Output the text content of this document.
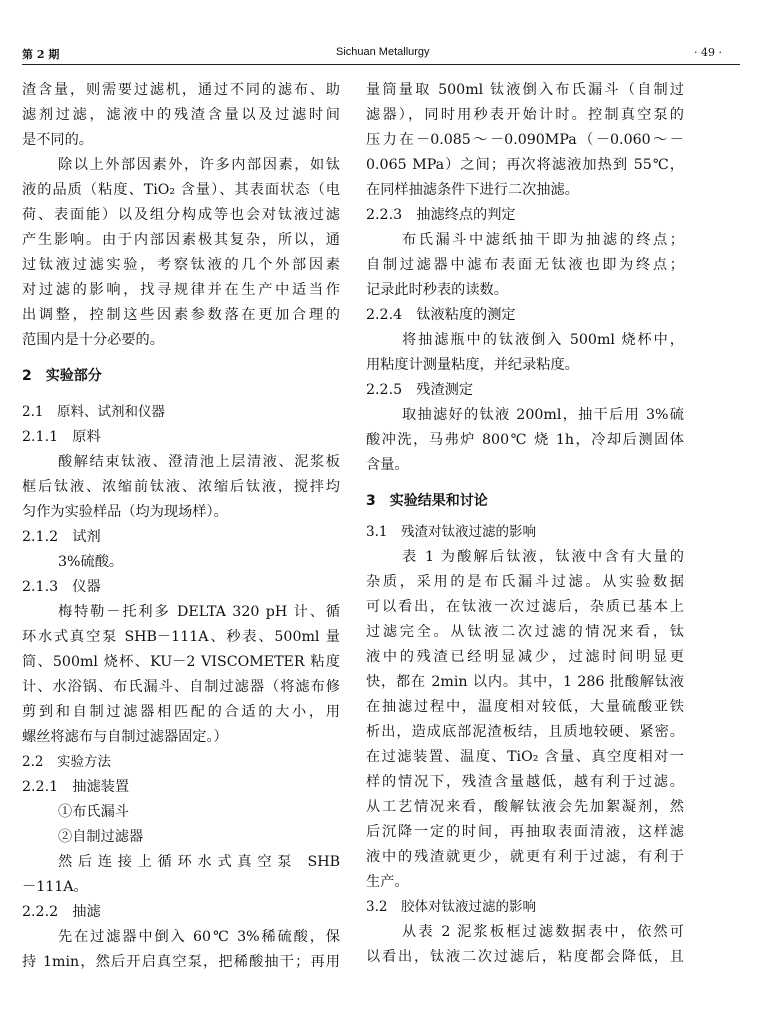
第 2 期	Sichuan Metallurgy	· 49 ·
渣含量，则需要过滤机，通过不同的滤布、助
滤剂过滤，滤液中的残渣含量以及过滤时间
是不同的。
除以上外部因素外，许多内部因素，如钛
液的品质（粘度、TiO₂ 含量）、其表面状态（电
荷、表面能）以及组分构成等也会对钛液过滤
产生影响。由于内部因素极其复杂，所以，通
过钛液过滤实验，考察钛液的几个外部因素
对过滤的影响，找寻规律并在生产中适当作
出调整，控制这些因素参数落在更加合理的
范围内是十分必要的。
2　实验部分
2.1　原料、试剂和仪器
2.1.1　原料
酸解结束钛液、澄清池上层清液、泥浆板
框后钛液、浓缩前钛液、浓缩后钛液，搅拌均
匀作为实验样品（均为现场样）。
2.1.2　试剂
3%硫酸。
2.1.3　仪器
梅特勒－托利多 DELTA 320 pH 计、循
环水式真空泵 SHB－111A、秒表、500ml 量
筒、500ml 烧杯、KU－2 VISCOMETER 粘度
计、水浴锅、布氏漏斗、自制过滤器（将滤布修
剪到和自制过滤器相匹配的合适的大小，用
螺丝将滤布与自制过滤器固定。）
2.2　实验方法
2.2.1　抽滤装置
①布氏漏斗
②自制过滤器
然后连接上循环水式真空泵 SHB
－111A。
2.2.2　抽滤
先在过滤器中倒入 60℃ 3%稀硫酸，保
持 1min，然后开启真空泵，把稀酸抽干；再用
量筒量取 500ml 钛液倒入布氏漏斗（自制过
滤器），同时用秒表开始计时。控制真空泵的
压力在－0.085～－0.090MPa（－0.060～－
0.065 MPa）之间；再次将滤液加热到 55℃，
在同样抽滤条件下进行二次抽滤。
2.2.3　抽滤终点的判定
布氏漏斗中滤纸抽干即为抽滤的终点；
自制过滤器中滤布表面无钛液也即为终点；
记录此时秒表的读数。
2.2.4　钛液粘度的测定
将抽滤瓶中的钛液倒入 500ml 烧杯中，
用粘度计测量粘度，并纪录粘度。
2.2.5　残渣测定
取抽滤好的钛液 200ml，抽干后用 3%硫
酸冲洗，马弗炉 800℃ 烧 1h，冷却后测固体
含量。
3　实验结果和讨论
3.1　残渣对钛液过滤的影响
表 1 为酸解后钛液，钛液中含有大量的
杂质，采用的是布氏漏斗过滤。从实验数据
可以看出，在钛液一次过滤后，杂质已基本上
过滤完全。从钛液二次过滤的情况来看，钛
液中的残渣已经明显减少，过滤时间明显更
快，都在 2min 以内。其中，1 286 批酸解钛液
在抽滤过程中，温度相对较低，大量硫酸亚铁
析出，造成底部泥渣板结，且质地较硬、紧密。
在过滤装置、温度、TiO₂ 含量、真空度相对一
样的情况下，残渣含量越低，越有利于过滤。
从工艺情况来看，酸解钛液会先加絮凝剂，然
后沉降一定的时间，再抽取表面清液，这样滤
液中的残渣就更少，就更有利于过滤，有利于
生产。
3.2　胶体对钛液过滤的影响
从表 2 泥浆板框过滤数据表中，依然可
以看出，钛液二次过滤后，粘度都会降低，且
